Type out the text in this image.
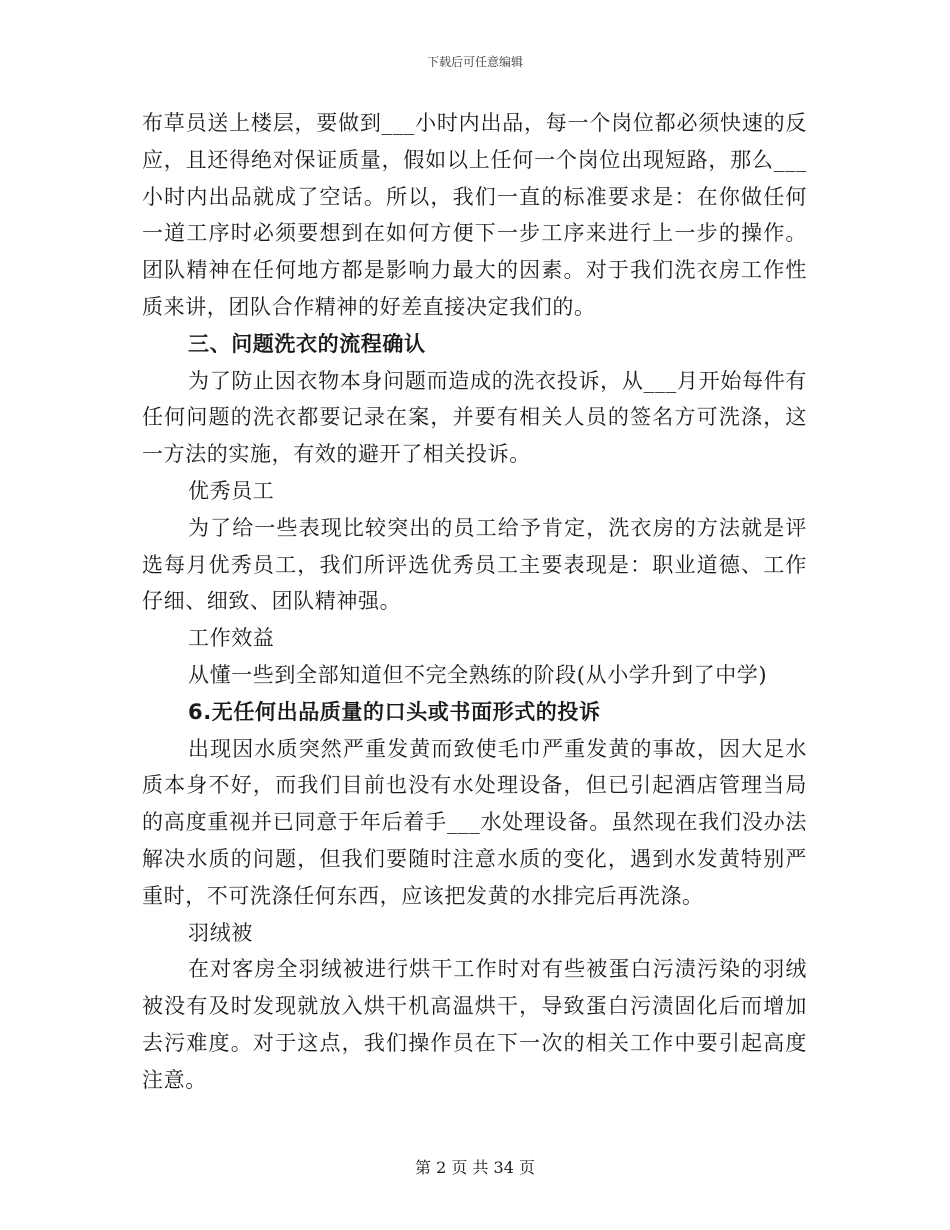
下载后可任意编辑

布草员送上楼层，要做到___小时内出品，每一个岗位都必须快速的反应，且还得绝对保证质量，假如以上任何一个岗位出现短路，那么___小时内出品就成了空话。所以，我们一直的标准要求是：在你做任何一道工序时必须要想到在如何方便下一步工序来进行上一步的操作。团队精神在任何地方都是影响力最大的因素。对于我们洗衣房工作性质来讲，团队合作精神的好差直接决定我们的。

三、问题洗衣的流程确认

为了防止因衣物本身问题而造成的洗衣投诉，从___月开始每件有任何问题的洗衣都要记录在案，并要有相关人员的签名方可洗涤，这一方法的实施，有效的避开了相关投诉。

优秀员工

为了给一些表现比较突出的员工给予肯定，洗衣房的方法就是评选每月优秀员工，我们所评选优秀员工主要表现是：职业道德、工作仔细、细致、团队精神强。

工作效益

从懂一些到全部知道但不完全熟练的阶段(从小学升到了中学)

6.无任何出品质量的口头或书面形式的投诉

出现因水质突然严重发黄而致使毛巾严重发黄的事故，因大足水质本身不好，而我们目前也没有水处理设备，但已引起酒店管理当局的高度重视并已同意于年后着手___水处理设备。虽然现在我们没办法解决水质的问题，但我们要随时注意水质的变化，遇到水发黄特别严重时，不可洗涤任何东西，应该把发黄的水排完后再洗涤。

羽绒被

在对客房全羽绒被进行烘干工作时对有些被蛋白污渍污染的羽绒被没有及时发现就放入烘干机高温烘干，导致蛋白污渍固化后而增加去污难度。对于这点，我们操作员在下一次的相关工作中要引起高度注意。

第 2 页 共 34 页
